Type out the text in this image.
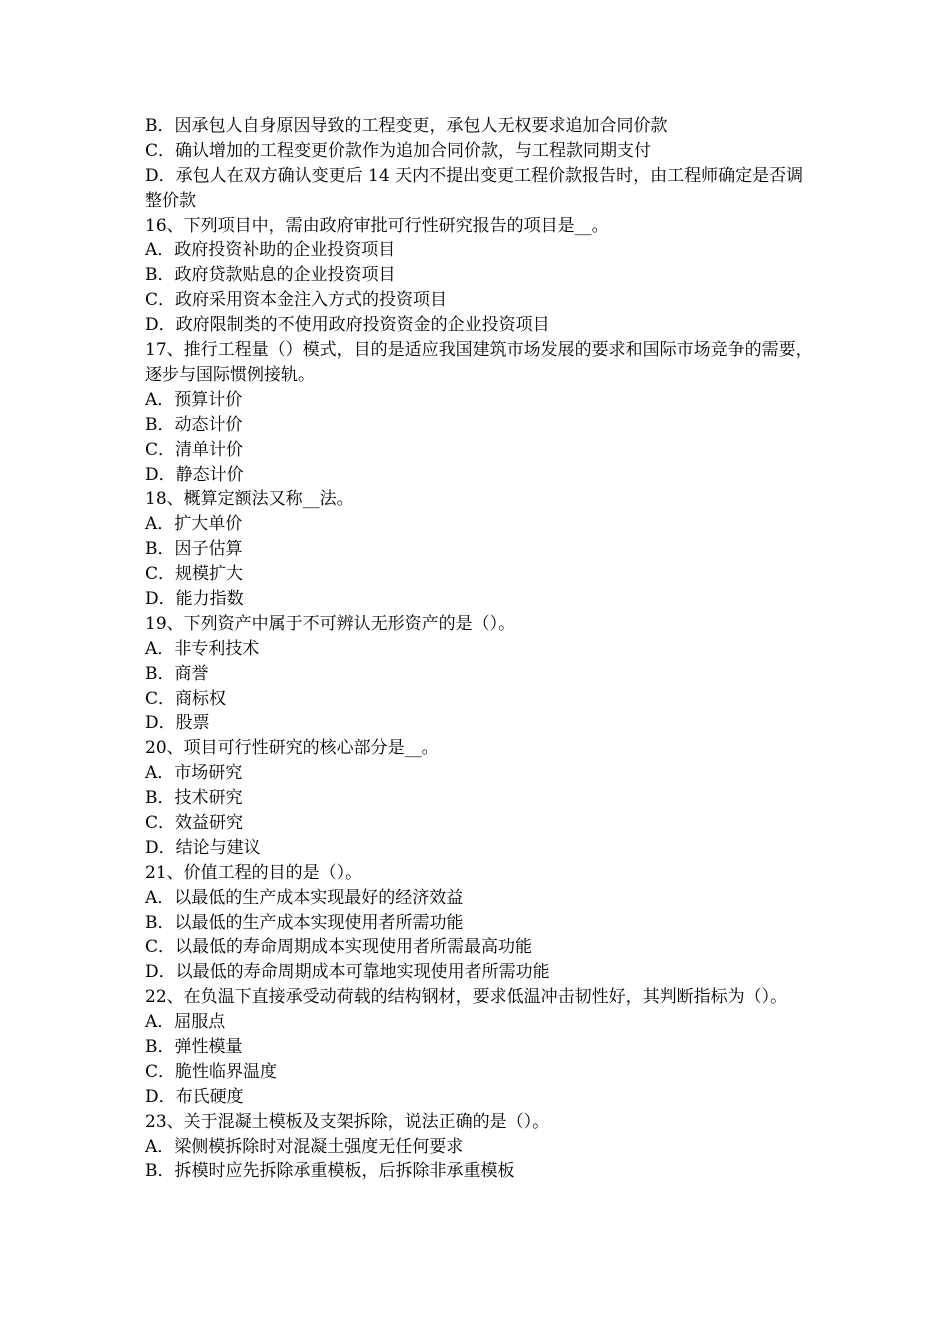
B．因承包人自身原因导致的工程变更，承包人无权要求追加合同价款
C．确认增加的工程变更价款作为追加合同价款，与工程款同期支付
D．承包人在双方确认变更后 14 天内不提出变更工程价款报告时，由工程师确定是否调整价款
16、下列项目中，需由政府审批可行性研究报告的项目是__。
A．政府投资补助的企业投资项目
B．政府贷款贴息的企业投资项目
C．政府采用资本金注入方式的投资项目
D．政府限制类的不使用政府投资资金的企业投资项目
17、推行工程量（）模式，目的是适应我国建筑市场发展的要求和国际市场竞争的需要，逐步与国际惯例接轨。
A．预算计价
B．动态计价
C．清单计价
D．静态计价
18、概算定额法又称__法。
A．扩大单价
B．因子估算
C．规模扩大
D．能力指数
19、下列资产中属于不可辨认无形资产的是（）。
A．非专利技术
B．商誉
C．商标权
D．股票
20、项目可行性研究的核心部分是__。
A．市场研究
B．技术研究
C．效益研究
D．结论与建议
21、价值工程的目的是（）。
A．以最低的生产成本实现最好的经济效益
B．以最低的生产成本实现使用者所需功能
C．以最低的寿命周期成本实现使用者所需最高功能
D．以最低的寿命周期成本可靠地实现使用者所需功能
22、在负温下直接承受动荷载的结构钢材，要求低温冲击韧性好，其判断指标为（）。
A．屈服点
B．弹性模量
C．脆性临界温度
D．布氏硬度
23、关于混凝土模板及支架拆除，说法正确的是（）。
A．梁侧模拆除时对混凝土强度无任何要求
B．拆模时应先拆除承重模板，后拆除非承重模板
